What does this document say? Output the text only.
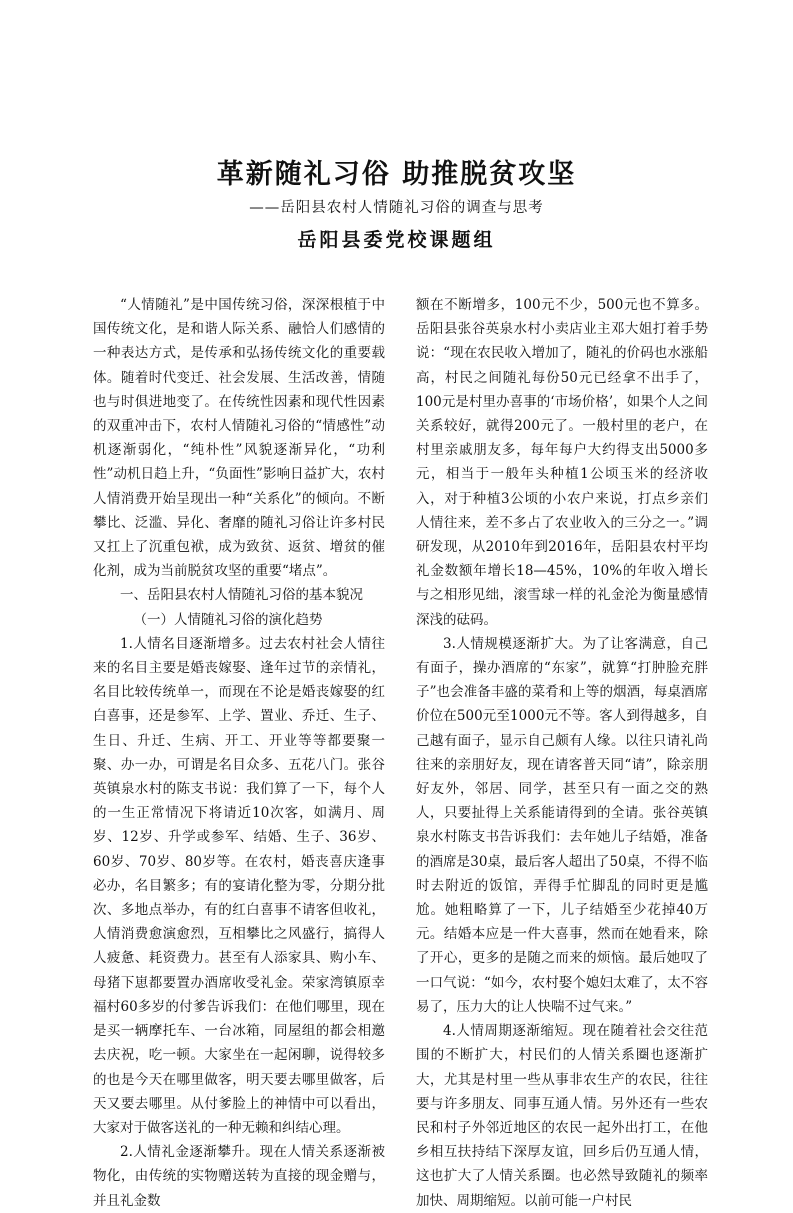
革新随礼习俗 助推脱贫攻坚

——岳阳县农村人情随礼习俗的调查与思考

岳阳县委党校课题组

“人情随礼”是中国传统习俗，深深根植于中国传统文化，是和谐人际关系、融恰人们感情的一种表达方式，是传承和弘扬传统文化的重要载体。随着时代变迁、社会发展、生活改善，情随也与时俱进地变了。在传统性因素和现代性因素的双重冲击下，农村人情随礼习俗的“情感性”动机逐渐弱化，“纯朴性”风貌逐渐异化，“功利性”动机日趋上升，“负面性”影响日益扩大，农村人情消费开始呈现出一种“关系化”的倾向。不断攀比、泛滥、异化、奢靡的随礼习俗让许多村民又扛上了沉重包袱，成为致贫、返贫、增贫的催化剂，成为当前脱贫攻坚的重要“堵点”。

一、岳阳县农村人情随礼习俗的基本貌况

（一）人情随礼习俗的演化趋势

1.人情名目逐渐增多。过去农村社会人情往来的名目主要是婚丧嫁娶、逢年过节的亲情礼，名目比较传统单一，而现在不论是婚丧嫁娶的红白喜事，还是参军、上学、置业、乔迁、生子、生日、升迁、生病、开工、开业等等都要聚一聚、办一办，可谓是名目众多、五花八门。张谷英镇泉水村的陈支书说：我们算了一下，每个人的一生正常情况下将请近10次客，如满月、周岁、12岁、升学或参军、结婚、生子、36岁、60岁、70岁、80岁等。在农村，婚丧喜庆逢事必办，名目繁多；有的宴请化整为零，分期分批次、多地点举办，有的红白喜事不请客但收礼，人情消费愈演愈烈，互相攀比之风盛行，搞得人人疲惫、耗资费力。甚至有人添家具、购小车、母猪下崽都要置办酒席收受礼金。荣家湾镇原幸福村60多岁的付爹告诉我们：在他们哪里，现在是买一辆摩托车、一台冰箱，同屋组的都会相邀去庆祝，吃一顿。大家坐在一起闲聊，说得较多的也是今天在哪里做客，明天要去哪里做客，后天又要去哪里。从付爹脸上的神情中可以看出，大家对于做客送礼的一种无赖和纠结心理。

2.人情礼金逐渐攀升。现在人情关系逐渐被物化，由传统的实物赠送转为直接的现金赠与，并且礼金数

额在不断增多，100元不少，500元也不算多。岳阳县张谷英泉水村小卖店业主邓大姐打着手势说：“现在农民收入增加了，随礼的价码也水涨船高，村民之间随礼每份50元已经拿不出手了，100元是村里办喜事的‘市场价格’，如果个人之间关系较好，就得200元了。一般村里的老户，在村里亲戚朋友多，每年每户大约得支出5000多元，相当于一般年头种植1公顷玉米的经济收入，对于种植3公顷的小农户来说，打点乡亲们人情往来，差不多占了农业收入的三分之一。”调研发现，从2010年到2016年，岳阳县农村平均礼金数额年增长18—45%，10%的年收入增长与之相形见绌，滚雪球一样的礼金沦为衡量感情深浅的砝码。

3.人情规模逐渐扩大。为了让客满意，自己有面子，操办酒席的“东家”，就算“打肿脸充胖子”也会准备丰盛的菜肴和上等的烟酒，每桌酒席价位在500元至1000元不等。客人到得越多，自己越有面子，显示自己颇有人缘。以往只请礼尚往来的亲朋好友，现在请客普天同“请”，除亲朋好友外，邻居、同学，甚至只有一面之交的熟人，只要扯得上关系能请得到的全请。张谷英镇泉水村陈支书告诉我们：去年她儿子结婚，准备的酒席是30桌，最后客人超出了50桌，不得不临时去附近的饭馆，弄得手忙脚乱的同时更是尴尬。她粗略算了一下，儿子结婚至少花掉40万元。结婚本应是一件大喜事，然而在她看来，除了开心，更多的是随之而来的烦恼。最后她叹了一口气说：“如今，农村娶个媳妇太难了，太不容易了，压力大的让人快喘不过气来。”

4.人情周期逐渐缩短。现在随着社会交往范围的不断扩大，村民们的人情关系圈也逐渐扩大，尤其是村里一些从事非农生产的农民，往往要与许多朋友、同事互通人情。另外还有一些农民和村子外邻近地区的农民一起外出打工，在他乡相互扶持结下深厚友谊，回乡后仍互通人情，这也扩大了人情关系圈。也必然导致随礼的频率加快、周期缩短。以前可能一户村民
